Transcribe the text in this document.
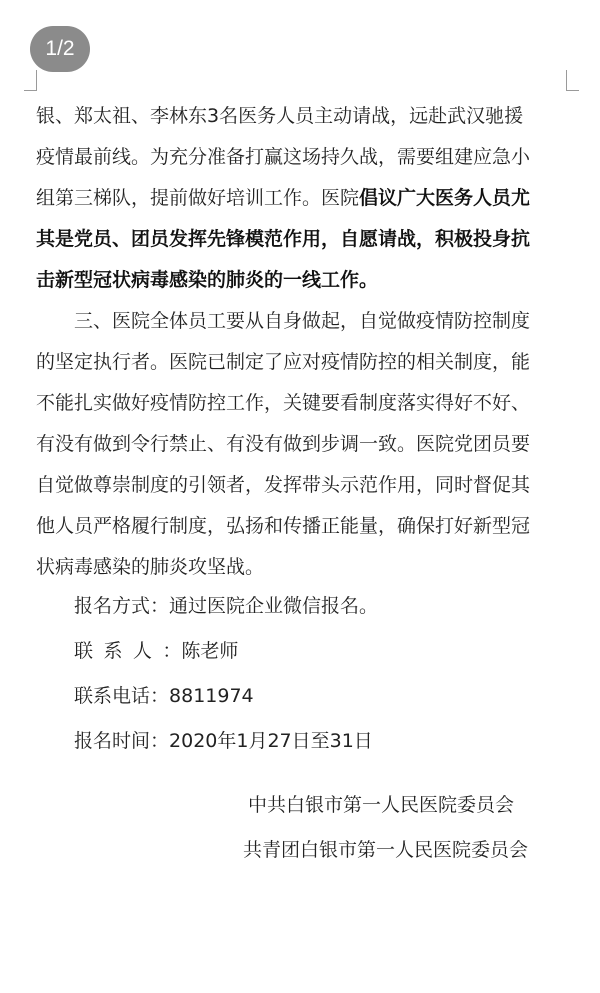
1/2
银、郑太祖、李林东3名医务人员主动请战，远赴武汉驰援
疫情最前线。为充分准备打赢这场持久战，需要组建应急小
组第三梯队，提前做好培训工作。医院倡议广大医务人员尤
其是党员、团员发挥先锋模范作用，自愿请战，积极投身抗
击新型冠状病毒感染的肺炎的一线工作。
三、医院全体员工要从自身做起，自觉做疫情防控制度
的坚定执行者。医院已制定了应对疫情防控的相关制度，能
不能扎实做好疫情防控工作，关键要看制度落实得好不好、
有没有做到令行禁止、有没有做到步调一致。医院党团员要
自觉做尊崇制度的引领者，发挥带头示范作用，同时督促其
他人员严格履行制度，弘扬和传播正能量，确保打好新型冠
状病毒感染的肺炎攻坚战。
报名方式：通过医院企业微信报名。
联系人：陈老师
联系电话：8811974
报名时间：2020年1月27日至31日
中共白银市第一人民医院委员会
共青团白银市第一人民医院委员会
